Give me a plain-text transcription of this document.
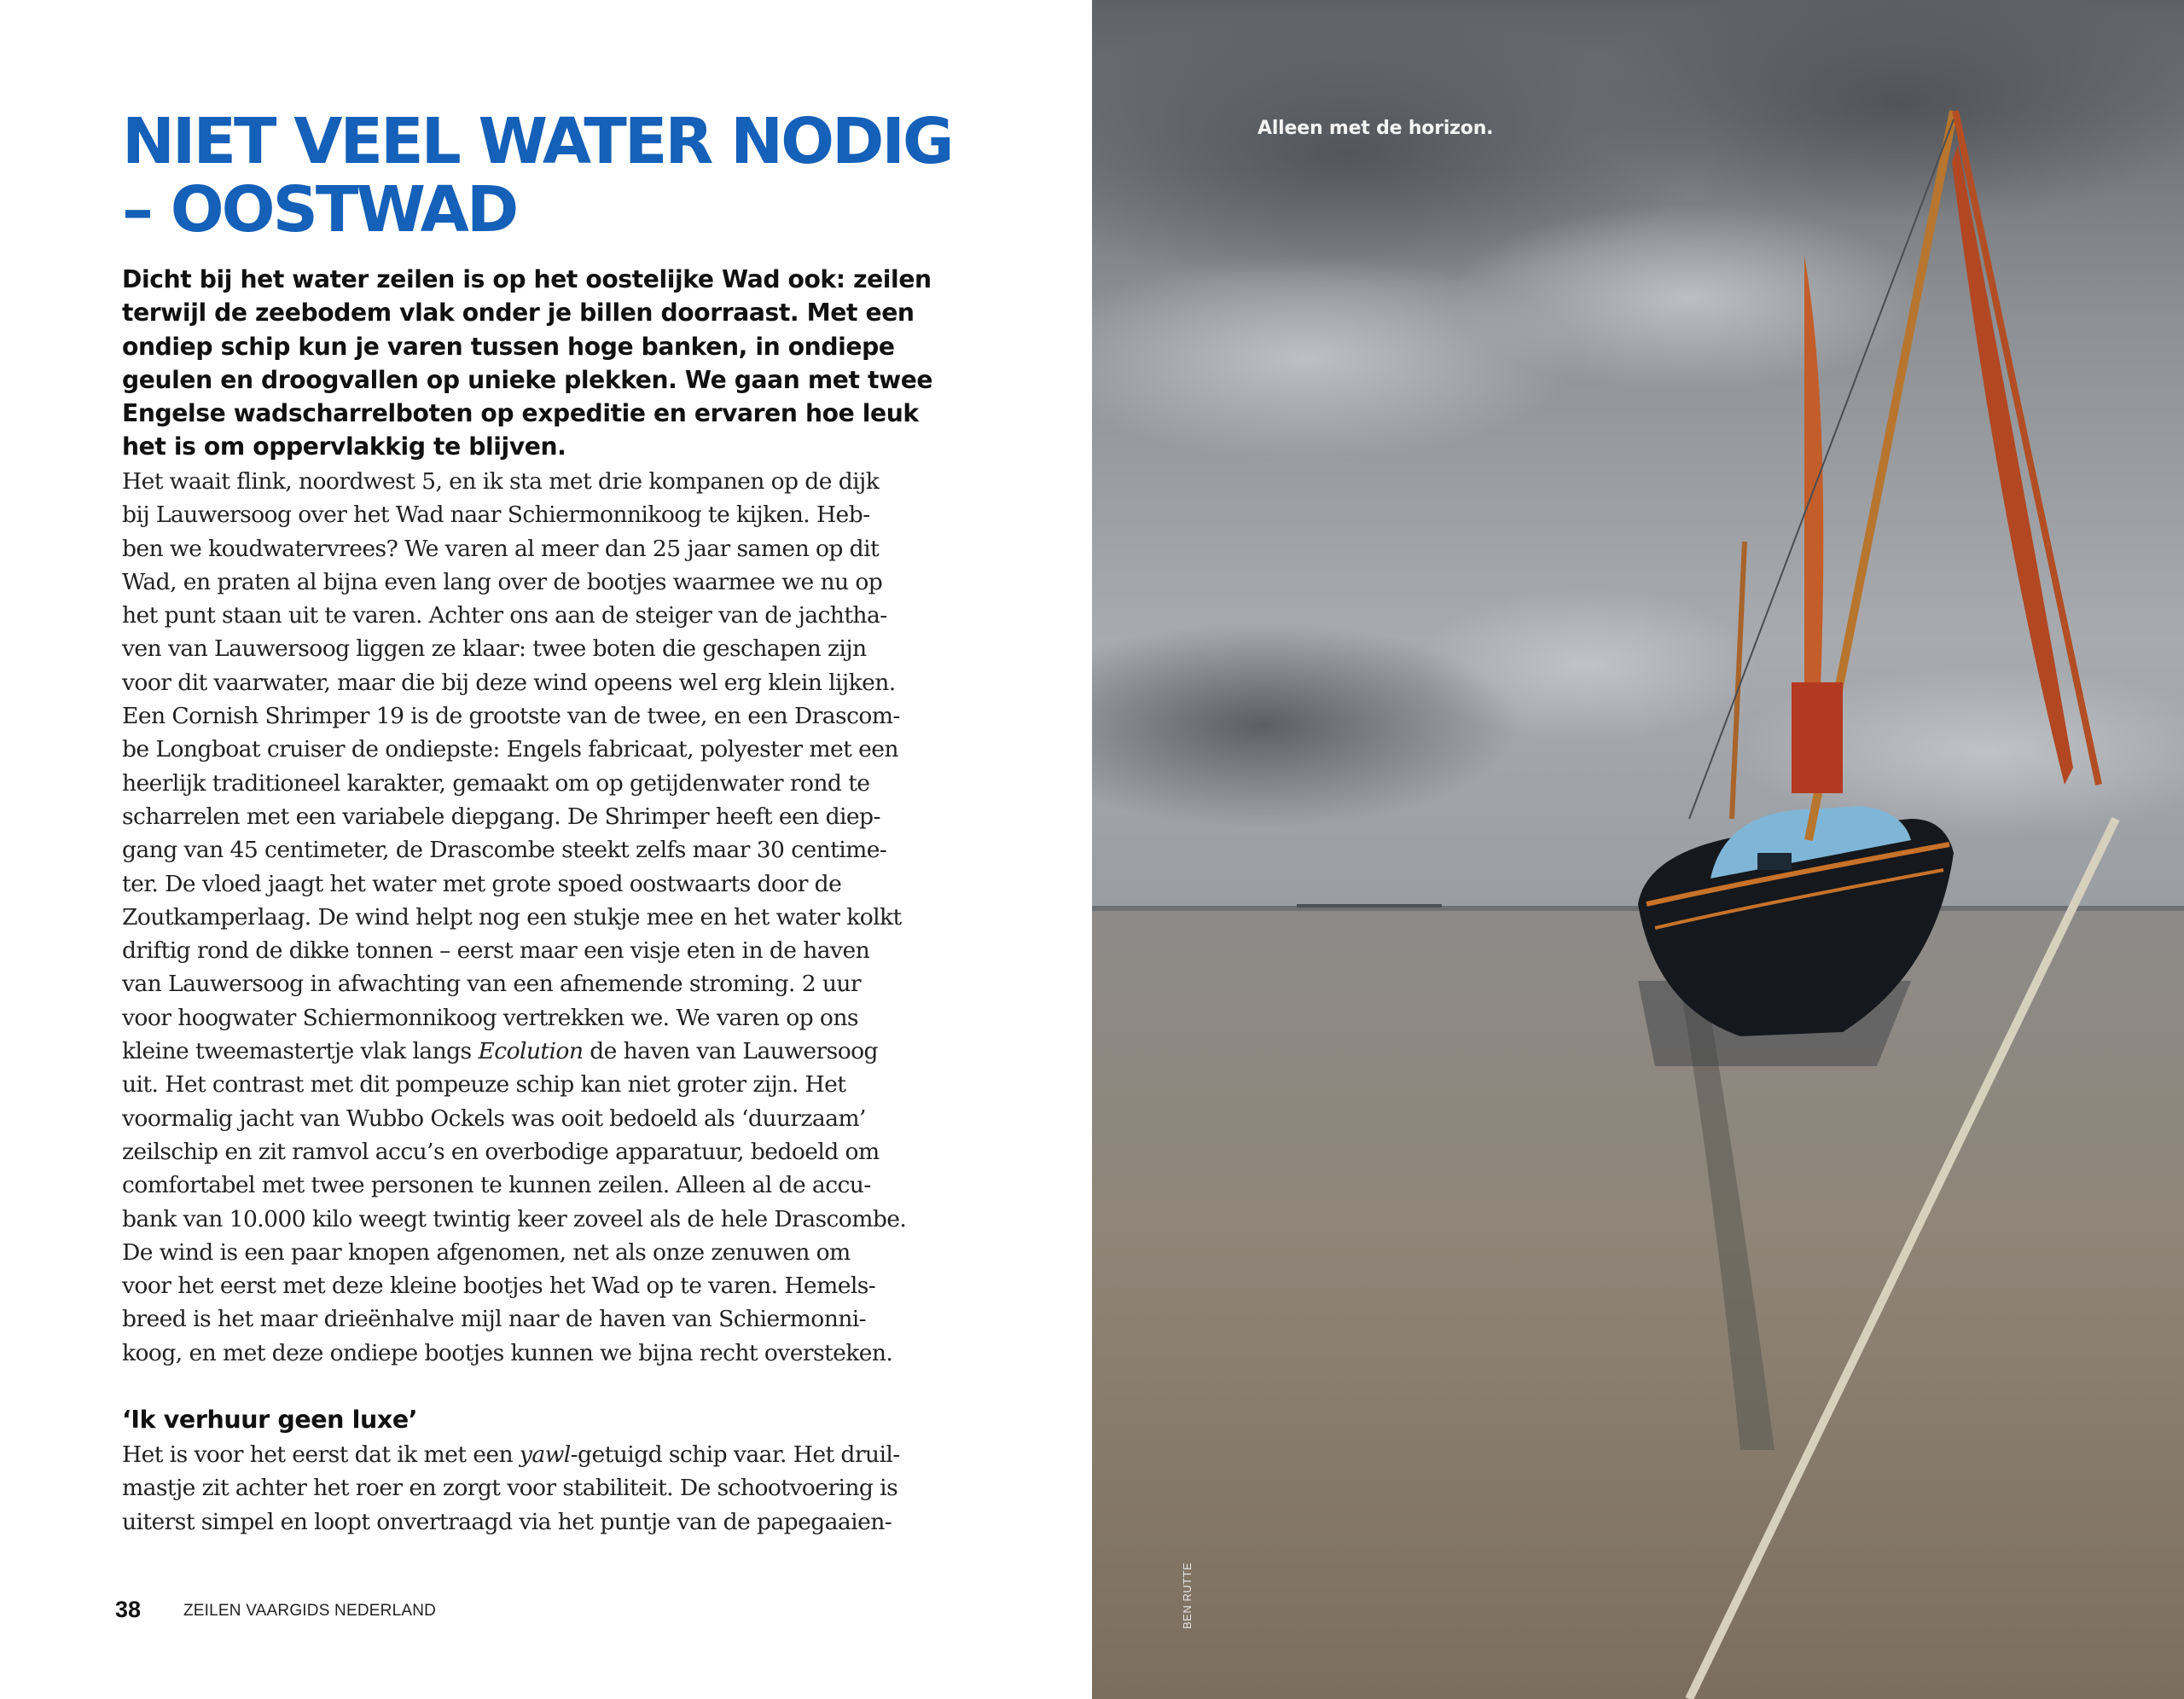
NIET VEEL WATER NODIG
– OOSTWAD

Dicht bij het water zeilen is op het oostelijke Wad ook: zeilen terwijl de zeebodem vlak onder je billen doorraast. Met een ondiep schip kun je varen tussen hoge banken, in ondiepe geulen en droogvallen op unieke plekken. We gaan met twee Engelse wadscharrelboten op expeditie en ervaren hoe leuk het is om oppervlakkig te blijven.

Het waait flink, noordwest 5, en ik sta met drie kompanen op de dijk
bij Lauwersoog over het Wad naar Schiermonnikoog te kijken. Heb-
ben we koudwatervrees? We varen al meer dan 25 jaar samen op dit
Wad, en praten al bijna even lang over de bootjes waarmee we nu op
het punt staan uit te varen. Achter ons aan de steiger van de jachtha-
ven van Lauwersoog liggen ze klaar: twee boten die geschapen zijn
voor dit vaarwater, maar die bij deze wind opeens wel erg klein lijken.
Een Cornish Shrimper 19 is de grootste van de twee, en een Drascom-
be Longboat cruiser de ondiepste: Engels fabricaat, polyester met een
heerlijk traditioneel karakter, gemaakt om op getijdenwater rond te
scharrelen met een variabele diepgang. De Shrimper heeft een diep-
gang van 45 centimeter, de Drascombe steekt zelfs maar 30 centime-
ter. De vloed jaagt het water met grote spoed oostwaarts door de
Zoutkamperlaag. De wind helpt nog een stukje mee en het water kolkt
driftig rond de dikke tonnen – eerst maar een visje eten in de haven
van Lauwersoog in afwachting van een afnemende stroming. 2 uur
voor hoogwater Schiermonnikoog vertrekken we. We varen op ons
kleine tweemastertje vlak langs Ecolution de haven van Lauwersoog
uit. Het contrast met dit pompeuze schip kan niet groter zijn. Het
voormalig jacht van Wubbo Ockels was ooit bedoeld als ‘duurzaam’
zeilschip en zit ramvol accu’s en overbodige apparatuur, bedoeld om
comfortabel met twee personen te kunnen zeilen. Alleen al de accu-
bank van 10.000 kilo weegt twintig keer zoveel als de hele Drascombe.
De wind is een paar knopen afgenomen, net als onze zenuwen om
voor het eerst met deze kleine bootjes het Wad op te varen. Hemels-
breed is het maar drieënhalve mijl naar de haven van Schiermonni-
koog, en met deze ondiepe bootjes kunnen we bijna recht oversteken.
‘Ik verhuur geen luxe’
Het is voor het eerst dat ik met een yawl-getuigd schip vaar. Het druil-
mastje zit achter het roer en zorgt voor stabiliteit. De schootvoering is
uiterst simpel en loopt onvertraagd via het puntje van de papegaaien-
38	ZEILEN VAARGIDS NEDERLAND
Alleen met de horizon.
BEN RUTTE
